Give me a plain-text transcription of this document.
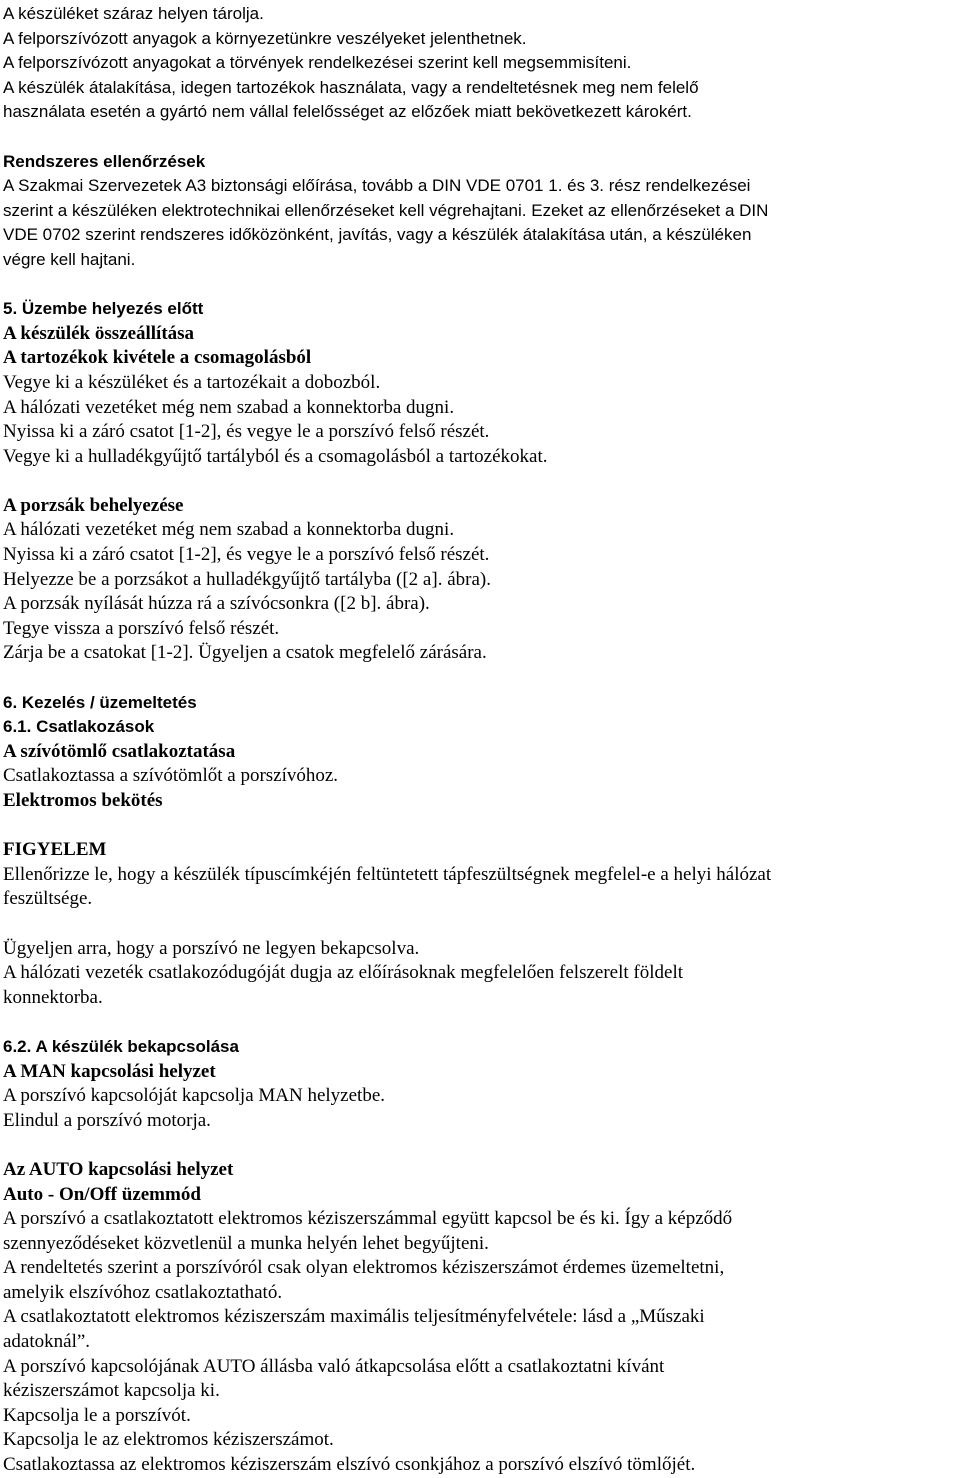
A készüléket száraz helyen tárolja.
A felporszívózott anyagok a környezetünkre veszélyeket jelenthetnek.
A felporszívózott anyagokat a törvények rendelkezései szerint kell megsemmisíteni.
A készülék átalakítása, idegen tartozékok használata, vagy a rendeltetésnek meg nem felelő
használata esetén a gyártó nem vállal felelősséget az előzőek miatt bekövetkezett károkért.
Rendszeres ellenőrzések
A Szakmai Szervezetek A3 biztonsági előírása, tovább a DIN VDE 0701 1. és 3. rész rendelkezései
szerint a készüléken elektrotechnikai ellenőrzéseket kell végrehajtani. Ezeket az ellenőrzéseket a DIN
VDE 0702 szerint rendszeres időközönként, javítás, vagy a készülék átalakítása után, a készüléken
végre kell hajtani.
5. Üzembe helyezés előtt
A készülék összeállítása
A tartozékok kivétele a csomagolásból
Vegye ki a készüléket és a tartozékait a dobozból.
A hálózati vezetéket még nem szabad a konnektorba dugni.
Nyissa ki a záró csatot [1-2], és vegye le a porszívó felső részét.
Vegye ki a hulladékgyűjtő tartályból és a csomagolásból a tartozékokat.
A porzsák behelyezése
A hálózati vezetéket még nem szabad a konnektorba dugni.
Nyissa ki a záró csatot [1-2], és vegye le a porszívó felső részét.
Helyezze be a porzsákot a hulladékgyűjtő tartályba ([2 a]. ábra).
A porzsák nyílását húzza rá a szívócsonkra ([2 b]. ábra).
Tegye vissza a porszívó felső részét.
Zárja be a csatokat [1-2]. Ügyeljen a csatok megfelelő zárására.
6. Kezelés / üzemeltetés
6.1. Csatlakozások
A szívótömlő csatlakoztatása
Csatlakoztassa a szívótömlőt a porszívóhoz.
Elektromos bekötés
FIGYELEM
Ellenőrizze le, hogy a készülék típuscímkéjén feltüntetett tápfeszültségnek megfelel-e a helyi hálózat
feszültsége.
Ügyeljen arra, hogy a porszívó ne legyen bekapcsolva.
A hálózati vezeték csatlakozódugóját dugja az előírásoknak megfelelően felszerelt földelt
konnektorba.
6.2. A készülék bekapcsolása
A MAN kapcsolási helyzet
A porszívó kapcsolóját kapcsolja MAN helyzetbe.
Elindul a porszívó motorja.
Az AUTO kapcsolási helyzet
Auto - On/Off üzemmód
A porszívó a csatlakoztatott elektromos kéziszerszámmal együtt kapcsol be és ki. Így a képződő
szennyeződéseket közvetlenül a munka helyén lehet begyűjteni.
A rendeltetés szerint a porszívóról csak olyan elektromos kéziszerszámot érdemes üzemeltetni,
amelyik elszívóhoz csatlakoztatható.
A csatlakoztatott elektromos kéziszerszám maximális teljesítményfelvétele: lásd a „Műszaki
adatoknál”.
A porszívó kapcsolójának AUTO állásba való átkapcsolása előtt a csatlakoztatni kívánt
kéziszerszámot kapcsolja ki.
Kapcsolja le a porszívót.
Kapcsolja le az elektromos kéziszerszámot.
Csatlakoztassa az elektromos kéziszerszám elszívó csonkjához a porszívó elszívó tömlőjét.
